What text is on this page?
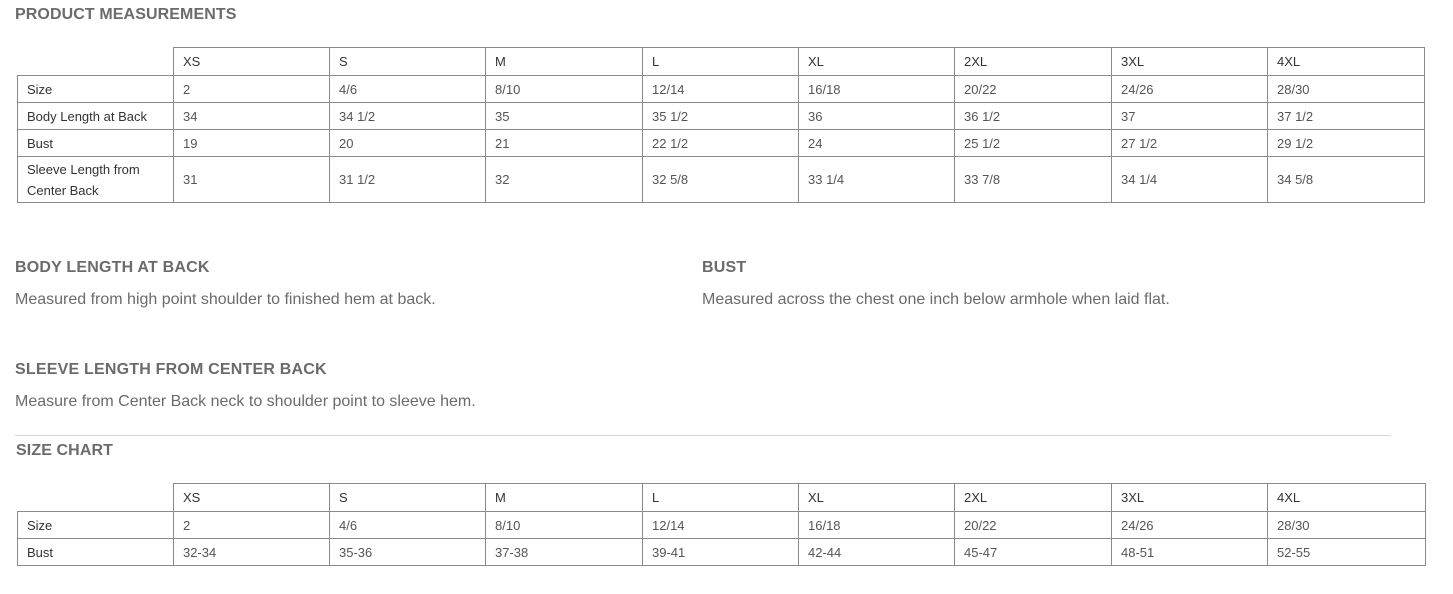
PRODUCT MEASUREMENTS
	XS	S	M	L	XL	2XL	3XL	4XL
Size	2	4/6	8/10	12/14	16/18	20/22	24/26	28/30
Body Length at Back	34	34 1/2	35	35 1/2	36	36 1/2	37	37 1/2
Bust	19	20	21	22 1/2	24	25 1/2	27 1/2	29 1/2
Sleeve Length from Center Back	31	31 1/2	32	32 5/8	33 1/4	33 7/8	34 1/4	34 5/8
BODY LENGTH AT BACK

Measured from high point shoulder to finished hem at back.

BUST

Measured across the chest one inch below armhole when laid flat.

SLEEVE LENGTH FROM CENTER BACK

Measure from Center Back neck to shoulder point to sleeve hem.

SIZE CHART
	XS	S	M	L	XL	2XL	3XL	4XL
Size	2	4/6	8/10	12/14	16/18	20/22	24/26	28/30
Bust	32-34	35-36	37-38	39-41	42-44	45-47	48-51	52-55
